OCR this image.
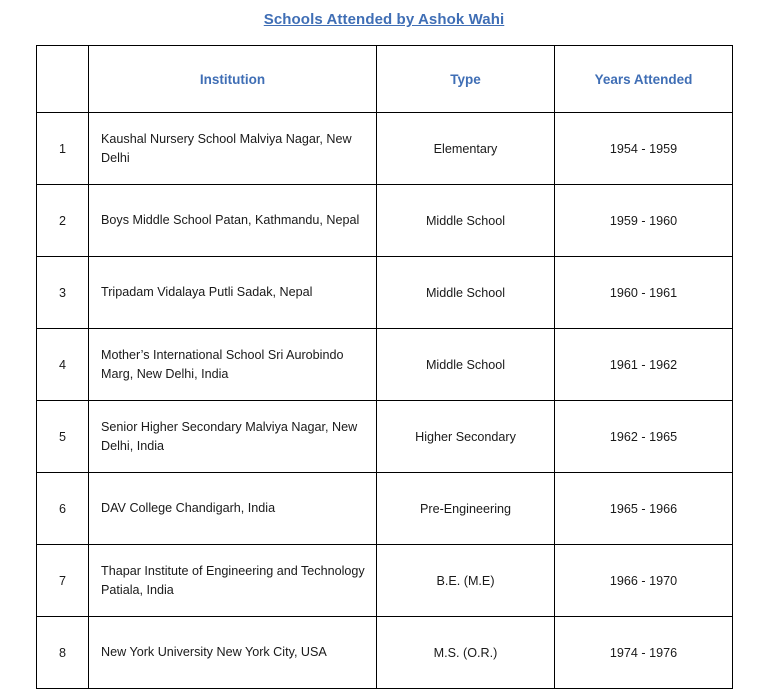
Schools Attended by Ashok Wahi
	Institution	Type	Years Attended
1	Kaushal Nursery School Malviya Nagar, New Delhi	Elementary	1954 - 1959
2	Boys Middle School Patan, Kathmandu, Nepal	Middle School	1959 - 1960
3	Tripadam Vidalaya Putli Sadak, Nepal	Middle School	1960 - 1961
4	Mother’s International School Sri Aurobindo Marg, New Delhi, India	Middle School	1961 - 1962
5	Senior Higher Secondary Malviya Nagar, New Delhi, India	Higher Secondary	1962 - 1965
6	DAV College Chandigarh, India	Pre-Engineering	1965 - 1966
7	Thapar Institute of Engineering and Technology Patiala, India	B.E. (M.E)	1966 - 1970
8	New York University New York City, USA	M.S. (O.R.)	1974 - 1976
